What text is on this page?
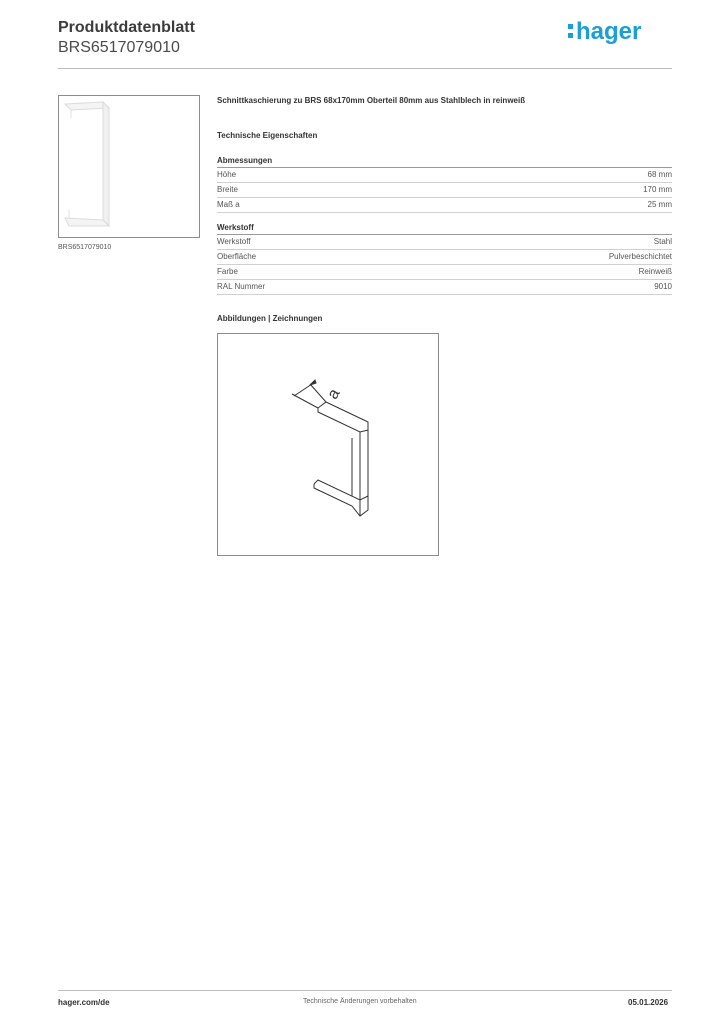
Produktdatenblatt
BRS6517079010
hager
BRS6517079010
Schnittkaschierung zu BRS 68x170mm Oberteil 80mm aus Stahlblech in reinweiß
Technische Eigenschaften
Abmessungen
Höhe	68 mm
Breite	170 mm
Maß a	25 mm
Werkstoff
Werkstoff	Stahl
Oberfläche	Pulverbeschichtet
Farbe	Reinweiß
RAL Nummer	9010
Abbildungen | Zeichnungen
a
hager.com/de	Technische Änderungen vorbehalten	05.01.2026
